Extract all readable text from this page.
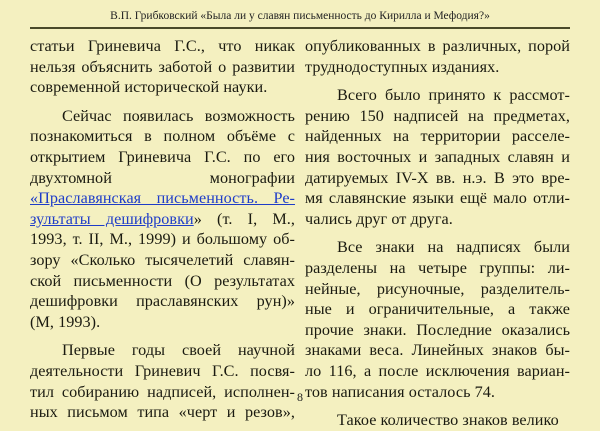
В.П. Грибковский «Была ли у славян письменность до Кирилла и Мефодия?»

статьи Гриневича Г.С., что никак
нельзя объяснить заботой о развитии
современной исторической науки.

Сейчас появилась возможность
познакомиться в полном объёме с
открытием Гриневича Г.С. по его
двухтомной монографии
«Праславянская письменность. Ре-
зультаты дешифровки» (т. I, М.,
1993, т. II, М., 1999) и большому об-
зору «Сколько тысячелетий славян-
ской письменности (О результатах
дешифровки праславянских рун)»
(М, 1993).

Первые годы своей научной
деятельности Гриневич Г.С. посвя-
тил собиранию надписей, исполнен-
ных письмом типа «черт и резов»,

опубликованных в различных, порой
труднодоступных изданиях.

Всего было принято к рассмот-
рению 150 надписей на предметах,
найденных на территории расселе-
ния восточных и западных славян и
датируемых IV-X вв. н.э. В это вре-
мя славянские языки ещё мало отли-
чались друг от друга.

Все знаки на надписях были
разделены на четыре группы: ли-
нейные, рисуночные, разделитель-
ные и ограничительные, а также
прочие знаки. Последние оказались
знаками веса. Линейных знаков бы-
ло 116, а после исключения вариан-
тов написания осталось 74.

Такое количество знаков велико

8
